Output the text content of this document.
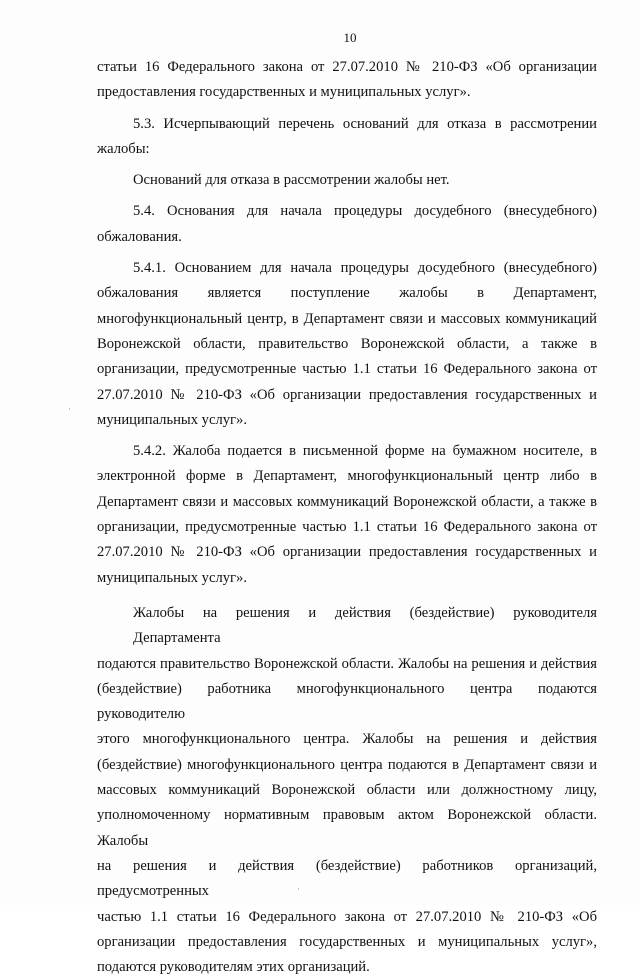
10

статьи 16 Федерального закона от 27.07.2010 № 210-ФЗ «Об организации
предоставления государственных и муниципальных услуг».

5.3. Исчерпывающий перечень оснований для отказа в рассмотрении
жалобы:

Оснований для отказа в рассмотрении жалобы нет.

5.4. Основания для начала процедуры досудебного (внесудебного)
обжалования.

5.4.1. Основанием для начала процедуры досудебного (внесудебного)
обжалования является поступление жалобы в Департамент,
многофункциональный центр, в Департамент связи и массовых коммуникаций
Воронежской области, правительство Воронежской области, а также в
организации, предусмотренные частью 1.1 статьи 16 Федерального закона от
27.07.2010 № 210-ФЗ «Об организации предоставления государственных и
муниципальных услуг».

5.4.2. Жалоба подается в письменной форме на бумажном носителе, в
электронной форме в Департамент, многофункциональный центр либо в
Департамент связи и массовых коммуникаций Воронежской области, а также в
организации, предусмотренные частью 1.1 статьи 16 Федерального закона от
27.07.2010 № 210-ФЗ «Об организации предоставления государственных и
муниципальных услуг».

Жалобы на решения и действия (бездействие) руководителя Департамента
подаются правительство Воронежской области. Жалобы на решения и действия
(бездействие) работника многофункционального центра подаются руководителю
этого многофункционального центра. Жалобы на решения и действия
(бездействие) многофункционального центра подаются в Департамент связи и
массовых коммуникаций Воронежской области или должностному лицу,
уполномоченному нормативным правовым актом Воронежской области. Жалобы
на решения и действия (бездействие) работников организаций, предусмотренных
частью 1.1 статьи 16 Федерального закона от 27.07.2010 № 210-ФЗ «Об
организации предоставления государственных и муниципальных услуг»,
подаются руководителям этих организаций.

·
·
